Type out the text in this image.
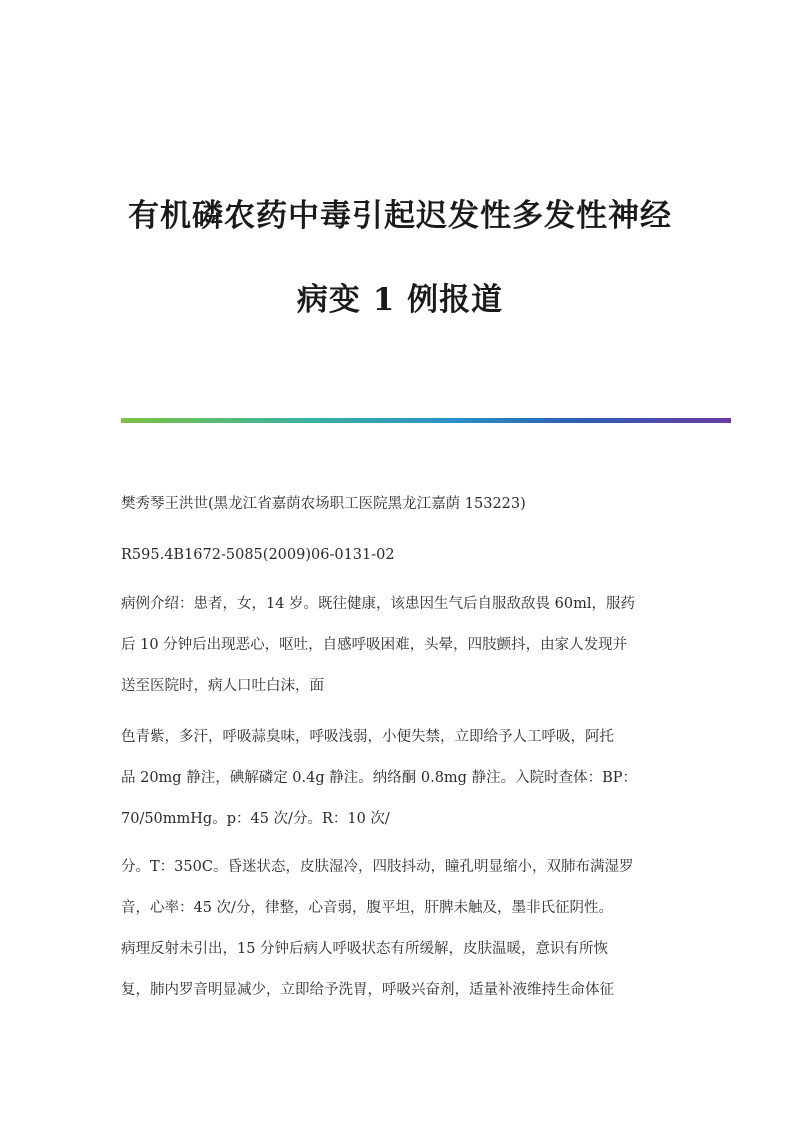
有机磷农药中毒引起迟发性多发性神经
病变 1 例报道
樊秀琴王洪世(黑龙江省嘉荫农场职工医院黑龙江嘉荫 153223)
R595.4B1672-5085(2009)06-0131-02
病例介绍：患者，女，14 岁。既往健康，该患因生气后自服敌敌畏 60ml，服药
后 10 分钟后出现恶心，呕吐，自感呼吸困难，头晕，四肢颤抖，由家人发现并
送至医院时，病人口吐白沫，面
色青紫，多汗，呼吸蒜臭味，呼吸浅弱，小便失禁，立即给予人工呼吸，阿托
品 20mg 静注，碘解磷定 0.4g 静注。纳络酮 0.8mg 静注。入院时查体：BP：
70/50mmHg。p：45 次/分。R：10 次/
分。T：350C。昏迷状态，皮肤湿冷，四肢抖动，瞳孔明显缩小，双肺布满湿罗
音，心率：45 次/分，律整，心音弱，腹平坦，肝脾未触及，墨非氏征阴性。
病理反射未引出，15 分钟后病人呼吸状态有所缓解，皮肤温暖，意识有所恢
复，肺内罗音明显减少，立即给予洗胃，呼吸兴奋剂，适量补液维持生命体征
